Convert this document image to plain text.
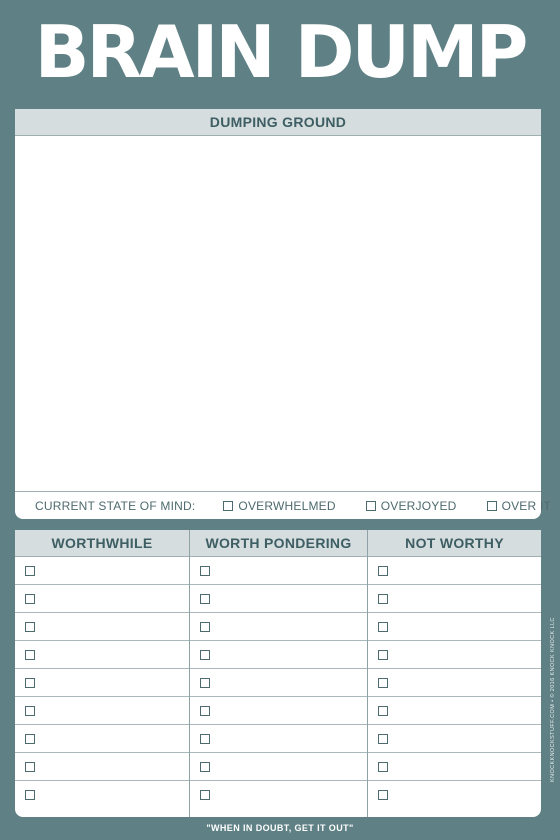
BRAIN DUMP
DUMPING GROUND
CURRENT STATE OF MIND:	OVERWHELMED	OVERJOYED	OVER IT
WORTHWHILE	WORTH PONDERING	NOT WORTHY
"WHEN IN DOUBT, GET IT OUT"
KNOCKKNOCKSTUFF.COM • © 2016 KNOCK KNOCK LLC
